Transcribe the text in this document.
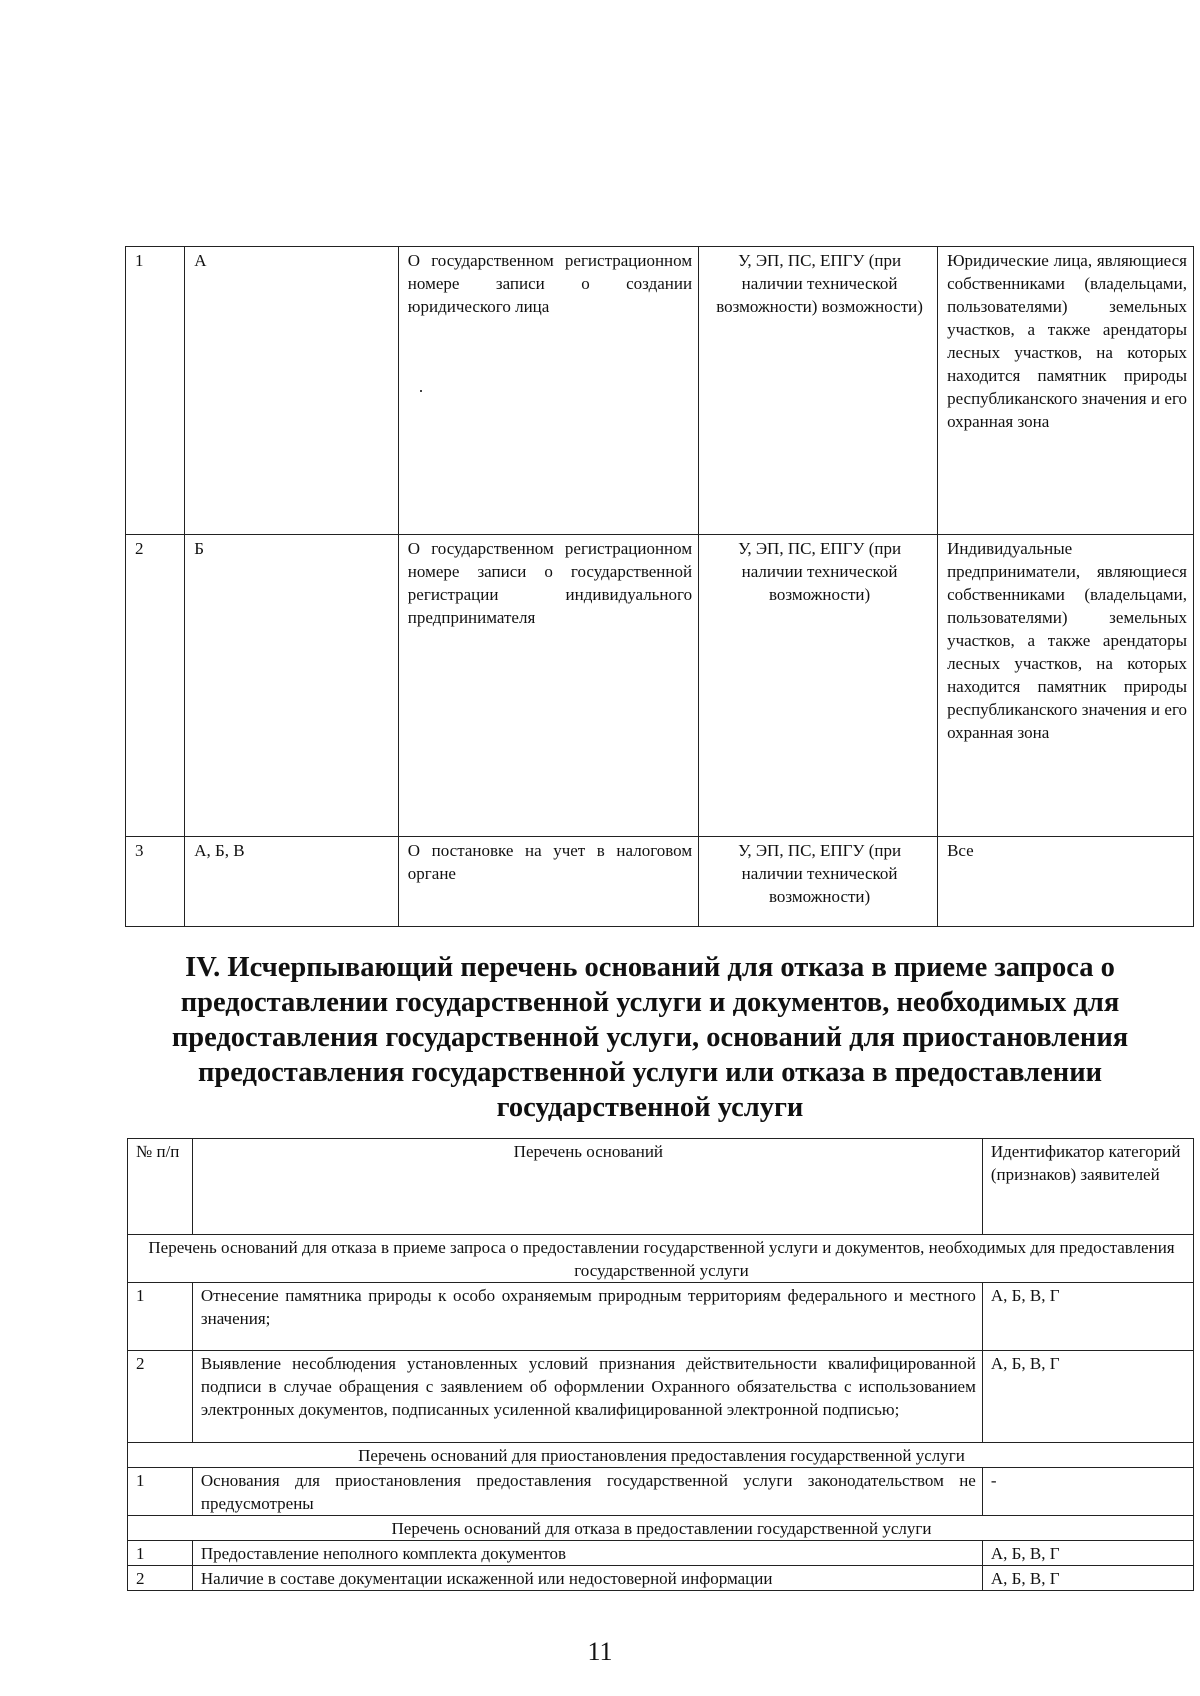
1	А	О государственном регистрационном номере записи о создании юридического лица	У, ЭП, ПС, ЕПГУ (при наличии технической возможности) возможности)	Юридические лица, являющиеся собственниками (владельцами, пользователями) земельных участков, а также арендаторы лесных участков, на которых находится памятник природы республиканского значения и его охранная зона
2	Б	О государственном регистрационном номере записи о государственной регистрации индивидуального предпринимателя	У, ЭП, ПС, ЕПГУ (при наличии технической возможности)	Индивидуальные предприниматели, являющиеся собственниками (владельцами, пользователями) земельных участков, а также арендаторы лесных участков, на которых находится памятник природы республиканского значения и его охранная зона
3	А, Б, В	О постановке на учет в налоговом органе	У, ЭП, ПС, ЕПГУ (при наличии технической возможности)	Все
IV. Исчерпывающий перечень оснований для отказа в приеме запроса о
предоставлении государственной услуги и документов, необходимых для
предоставления государственной услуги, оснований для приостановления
предоставления государственной услуги или отказа в предоставлении
государственной услуги
№ п/п	Перечень оснований	Идентификатор категорий (признаков) заявителей
Перечень оснований для отказа в приеме запроса о предоставлении государственной услуги и документов, необходимых для предоставления государственной услуги		
1	Отнесение памятника природы к особо охраняемым природным территориям федерального и местного значения;	А, Б, В, Г
2	Выявление несоблюдения установленных условий признания действительности квалифицированной подписи в случае обращения с заявлением об оформлении Охранного обязательства с использованием электронных документов, подписанных усиленной квалифицированной электронной подписью;	А, Б, В, Г
Перечень оснований для приостановления предоставления государственной услуги		
1	Основания для приостановления предоставления государственной услуги законодательством не предусмотрены	-
Перечень оснований для отказа в предоставлении государственной услуги		
1	Предоставление неполного комплекта документов	А, Б, В, Г
2	Наличие в составе документации искаженной или недостоверной информации	А, Б, В, Г
11
